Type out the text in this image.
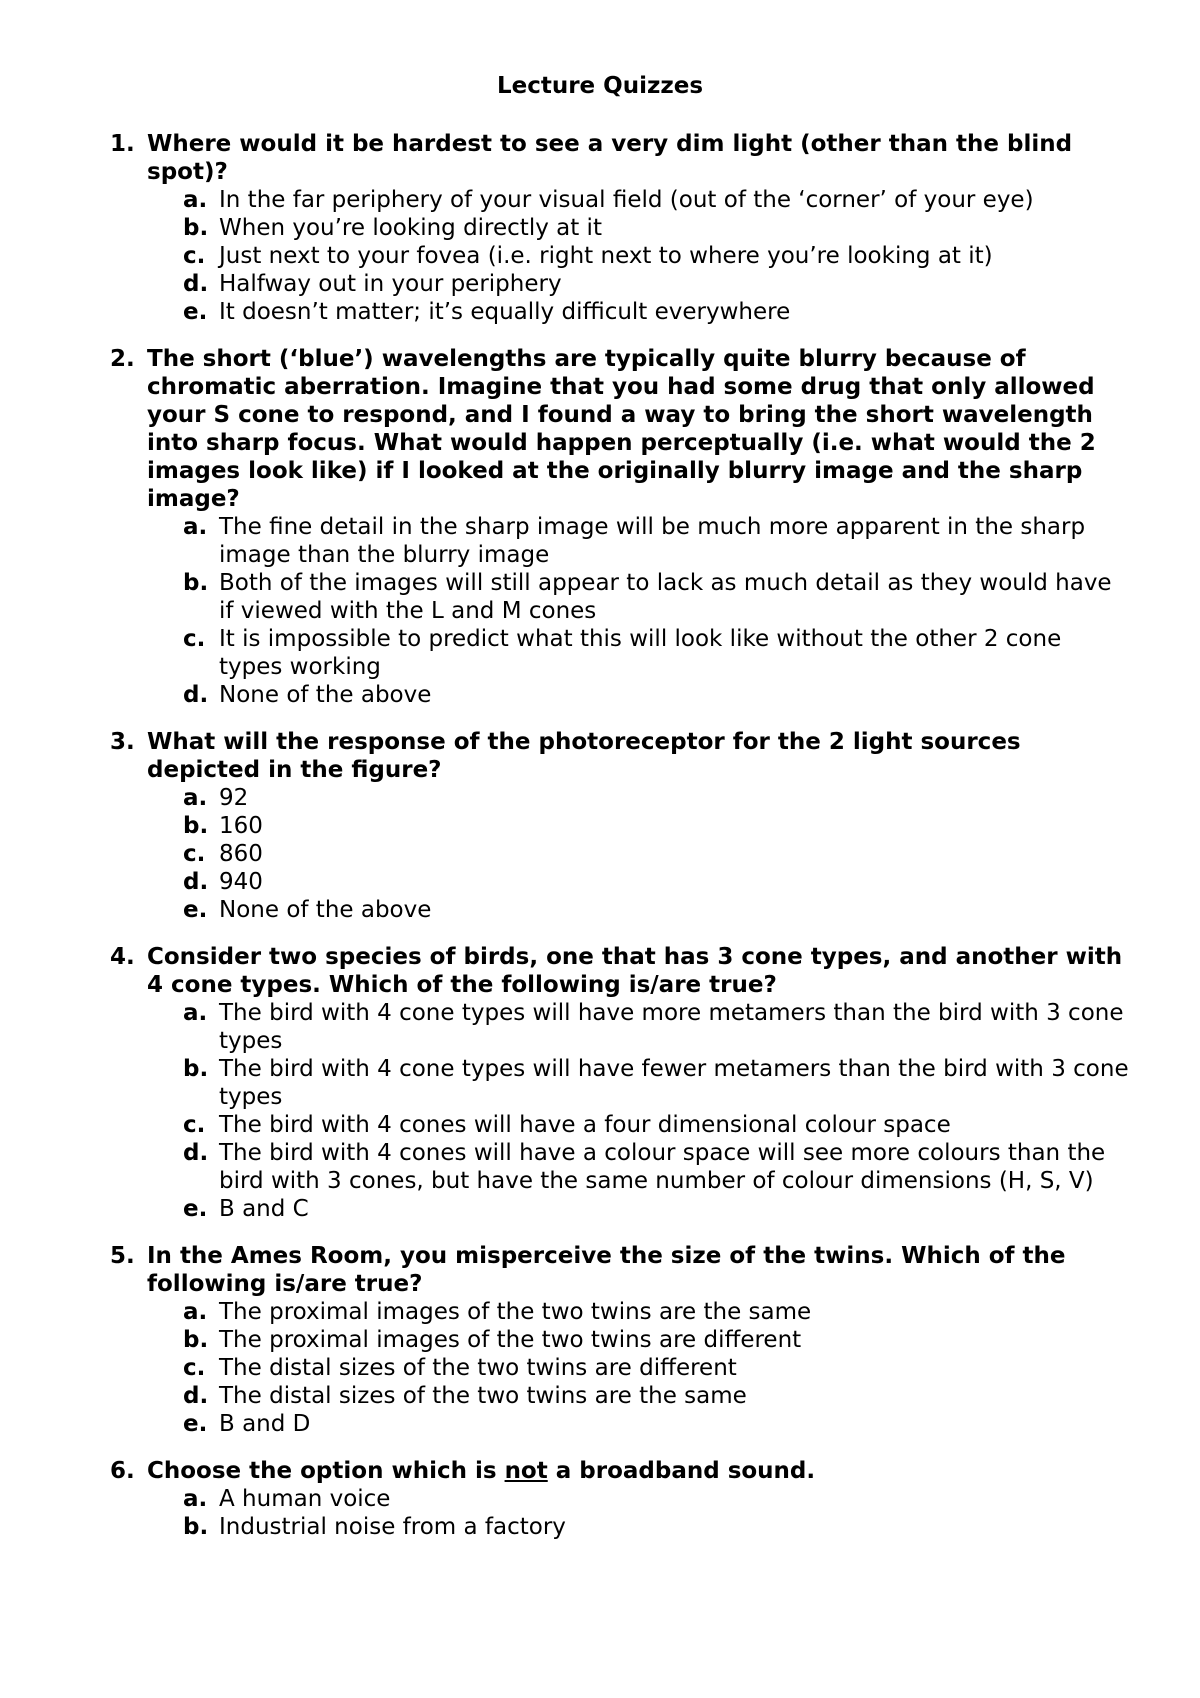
Lecture Quizzes
1. Where would it be hardest to see a very dim light (other than the blind spot)?
a. In the far periphery of your visual field (out of the ‘corner’ of your eye)
b. When you’re looking directly at it
c. Just next to your fovea (i.e. right next to where you’re looking at it)
d. Halfway out in your periphery
e. It doesn’t matter; it’s equally difficult everywhere
2. The short (‘blue’) wavelengths are typically quite blurry because of chromatic aberration. Imagine that you had some drug that only allowed your S cone to respond, and I found a way to bring the short wavelength into sharp focus. What would happen perceptually (i.e. what would the 2 images look like) if I looked at the originally blurry image and the sharp image?
a. The fine detail in the sharp image will be much more apparent in the sharp image than the blurry image
b. Both of the images will still appear to lack as much detail as they would have if viewed with the L and M cones
c. It is impossible to predict what this will look like without the other 2 cone types working
d. None of the above
3. What will the response of the photoreceptor for the 2 light sources depicted in the figure?
a. 92
b. 160
c. 860
d. 940
e. None of the above
4. Consider two species of birds, one that has 3 cone types, and another with 4 cone types. Which of the following is/are true?
a. The bird with 4 cone types will have more metamers than the bird with 3 cone types
b. The bird with 4 cone types will have fewer metamers than the bird with 3 cone types
c. The bird with 4 cones will have a four dimensional colour space
d. The bird with 4 cones will have a colour space will see more colours than the bird with 3 cones, but have the same number of colour dimensions (H, S, V)
e. B and C
5. In the Ames Room, you misperceive the size of the twins. Which of the following is/are true?
a. The proximal images of the two twins are the same
b. The proximal images of the two twins are different
c. The distal sizes of the two twins are different
d. The distal sizes of the two twins are the same
e. B and D
6. Choose the option which is not a broadband sound.
a. A human voice
b. Industrial noise from a factory
